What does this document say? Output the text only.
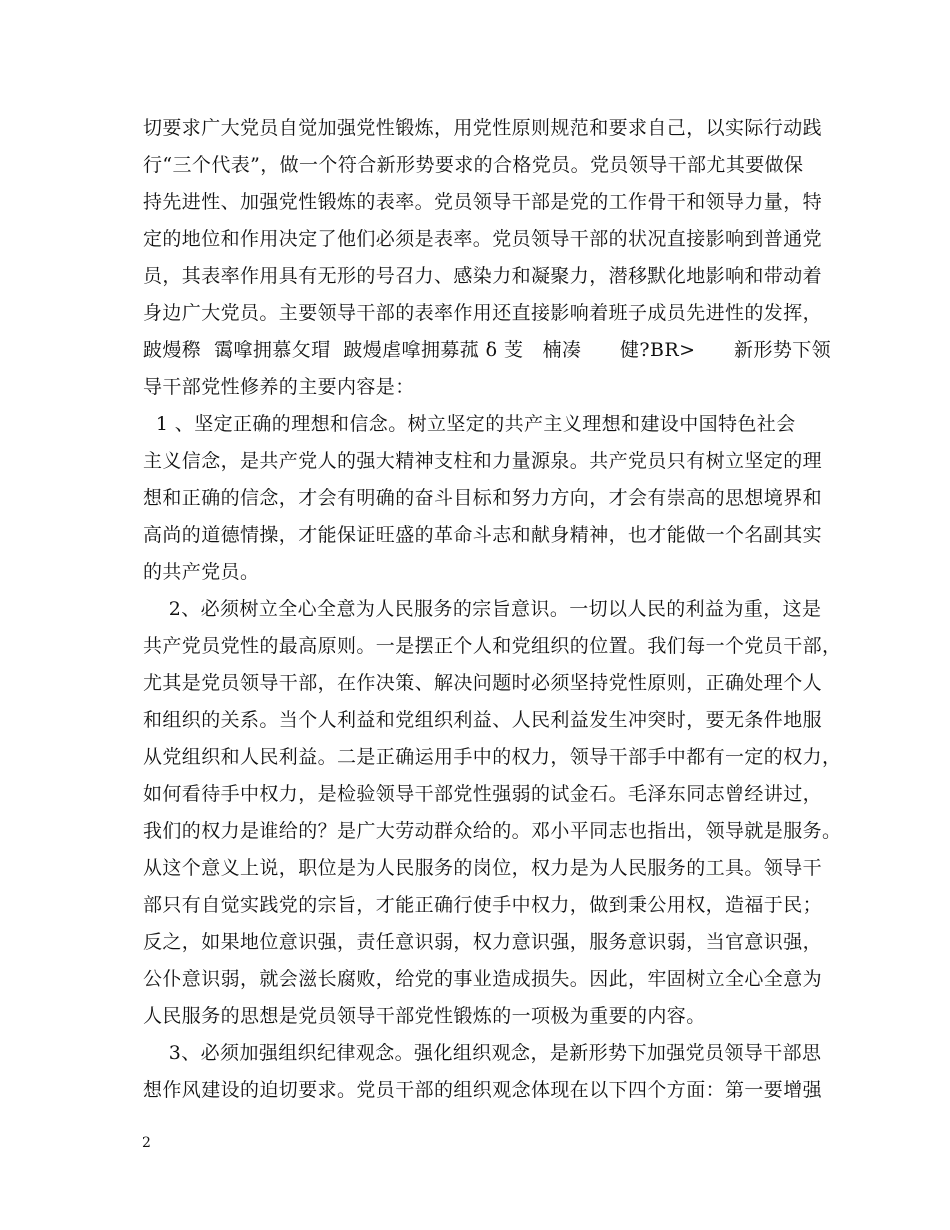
切要求广大党员自觉加强党性锻炼，用党性原则规范和要求自己，以实际行动践
行“三个代表”，做一个符合新形势要求的合格党员。党员领导干部尤其要做保
持先进性、加强党性锻炼的表率。党员领导干部是党的工作骨干和领导力量，特
定的地位和作用决定了他们必须是表率。党员领导干部的状况直接影响到普通党
员，其表率作用具有无形的号召力、感染力和凝聚力，潜移默化地影响和带动着
身边广大党员。主要领导干部的表率作用还直接影响着班子成员先进性的发挥，
跛熳穄  霭嗱拥慕攵瑁  跛熳虐嗱拥募菰 δ 芰   楠凑      健?BR>      新形势下领
导干部党性修养的主要内容是：
1 、坚定正确的理想和信念。树立坚定的共产主义理想和建设中国特色社会
主义信念，是共产党人的强大精神支柱和力量源泉。共产党员只有树立坚定的理
想和正确的信念，才会有明确的奋斗目标和努力方向，才会有崇高的思想境界和
高尚的道德情操，才能保证旺盛的革命斗志和献身精神，也才能做一个名副其实
的共产党员。
2、必须树立全心全意为人民服务的宗旨意识。一切以人民的利益为重，这是
共产党员党性的最高原则。一是摆正个人和党组织的位置。我们每一个党员干部，
尤其是党员领导干部，在作决策、解决问题时必须坚持党性原则，正确处理个人
和组织的关系。当个人利益和党组织利益、人民利益发生冲突时，要无条件地服
从党组织和人民利益。二是正确运用手中的权力，领导干部手中都有一定的权力，
如何看待手中权力，是检验领导干部党性强弱的试金石。毛泽东同志曾经讲过，
我们的权力是谁给的？是广大劳动群众给的。邓小平同志也指出，领导就是服务。
从这个意义上说，职位是为人民服务的岗位，权力是为人民服务的工具。领导干
部只有自觉实践党的宗旨，才能正确行使手中权力，做到秉公用权，造福于民；
反之，如果地位意识强，责任意识弱，权力意识强，服务意识弱，当官意识强，
公仆意识弱，就会滋长腐败，给党的事业造成损失。因此，牢固树立全心全意为
人民服务的思想是党员领导干部党性锻炼的一项极为重要的内容。
3、必须加强组织纪律观念。强化组织观念，是新形势下加强党员领导干部思
想作风建设的迫切要求。党员干部的组织观念体现在以下四个方面：第一要增强
2
